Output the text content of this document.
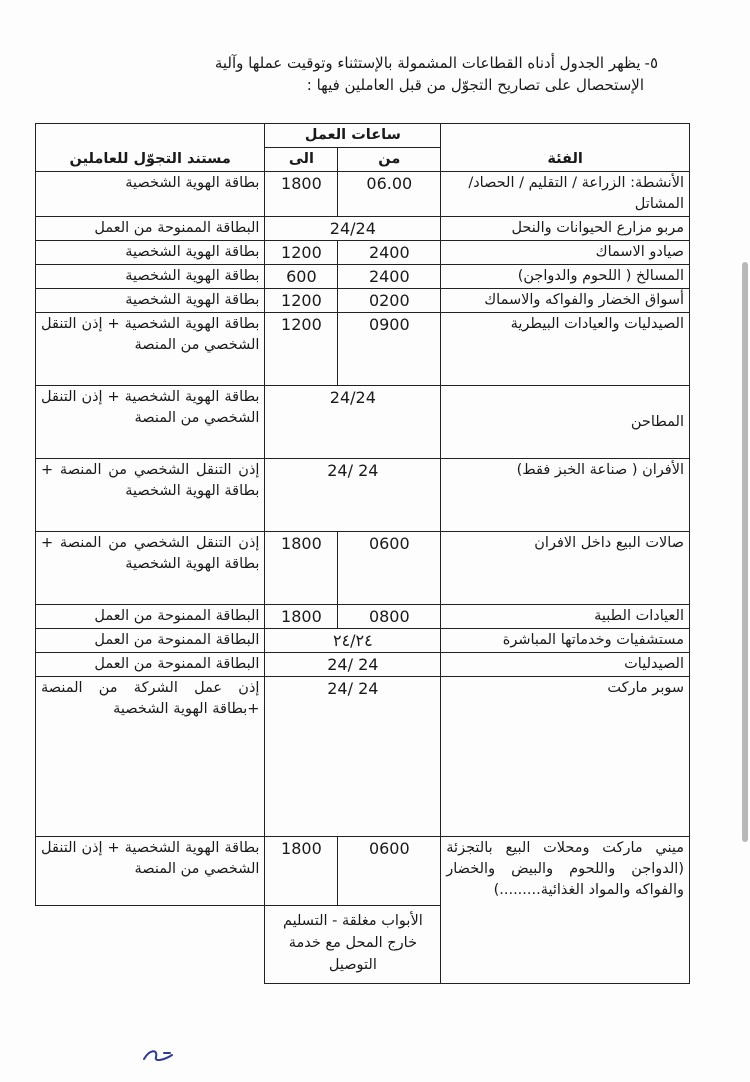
٥-يظهر الجدول أدناه القطاعات المشمولة بالإستثناء وتوقيت عملها وآلية
الإستحصال على تصاريح التجوّل من قبل العاملين فيها :
الفئة	ساعات العمل		مستند التجوّل للعاملين
	من	الى	
الأنشطة: الزراعة / التقليم / الحصاد/ المشاتل	06.00	1800	بطاقة الهوية الشخصية
مربو مزارع الحيوانات والنحل	24/24		البطاقة الممنوحة من العمل
صيادو الاسماك	2400	1200	بطاقة الهوية الشخصية
المسالخ ( اللحوم والدواجن)	2400	600	بطاقة الهوية الشخصية
أسواق الخضار والفواكه والاسماك	0200	1200	بطاقة الهوية الشخصية
الصيدليات والعيادات البيطرية	0900	1200	بطاقة الهوية الشخصية + إذن التنقل الشخصي من المنصة
المطاحن	24/24		بطاقة الهوية الشخصية + إذن التنقل الشخصي من المنصة
الأفران ( صناعة الخبز فقط)	24 /24		إذن التنقل الشخصي من المنصة + بطاقة الهوية الشخصية
صالات البيع داخل الافران	0600	1800	إذن التنقل الشخصي من المنصة + بطاقة الهوية الشخصية
العيادات الطبية	0800	1800	البطاقة الممنوحة من العمل
مستشفيات وخدماتها المباشرة	٢٤/٢٤		البطاقة الممنوحة من العمل
الصيدليات	24 /24		البطاقة الممنوحة من العمل
سوبر ماركت	24 /24		إذن عمل الشركة من المنصة +بطاقة الهوية الشخصية
ميني ماركت ومحلات البيع بالتجزئة (الدواجن واللحوم والبيض والخضار والفواكه والمواد الغذائية.........)	0600	1800	بطاقة الهوية الشخصية + إذن التنقل الشخصي من المنصة
	الأبواب مغلقة - التسليم خارج المحل مع خدمة التوصيل		
